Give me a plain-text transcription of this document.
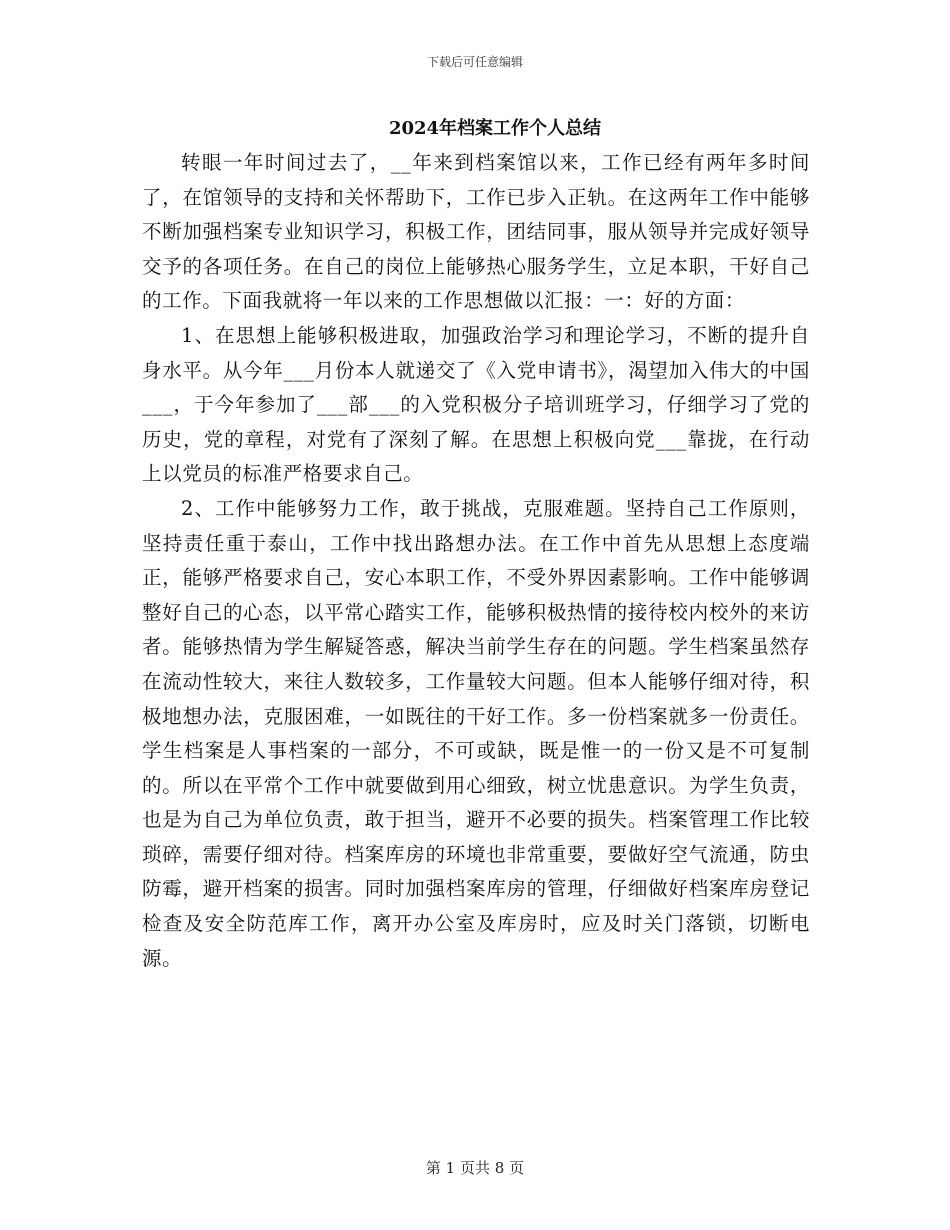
下载后可任意编辑
2024年档案工作个人总结

转眼一年时间过去了，__年来到档案馆以来，工作已经有两年多时间了，在馆领导的支持和关怀帮助下，工作已步入正轨。在这两年工作中能够不断加强档案专业知识学习，积极工作，团结同事，服从领导并完成好领导交予的各项任务。在自己的岗位上能够热心服务学生，立足本职，干好自己的工作。下面我就将一年以来的工作思想做以汇报：一：好的方面：

1、在思想上能够积极进取，加强政治学习和理论学习，不断的提升自身水平。从今年___月份本人就递交了《入党申请书》，渴望加入伟大的中国___，于今年参加了___部___的入党积极分子培训班学习，仔细学习了党的历史，党的章程，对党有了深刻了解。在思想上积极向党___靠拢，在行动上以党员的标准严格要求自己。

2、工作中能够努力工作，敢于挑战，克服难题。坚持自己工作原则，坚持责任重于泰山，工作中找出路想办法。在工作中首先从思想上态度端正，能够严格要求自己，安心本职工作，不受外界因素影响。工作中能够调整好自己的心态，以平常心踏实工作，能够积极热情的接待校内校外的来访者。能够热情为学生解疑答惑，解决当前学生存在的问题。学生档案虽然存在流动性较大，来往人数较多，工作量较大问题。但本人能够仔细对待，积极地想办法，克服困难，一如既往的干好工作。多一份档案就多一份责任。学生档案是人事档案的一部分，不可或缺，既是惟一的一份又是不可复制的。所以在平常个工作中就要做到用心细致，树立忧患意识。为学生负责，也是为自己为单位负责，敢于担当，避开不必要的损失。档案管理工作比较琐碎，需要仔细对待。档案库房的环境也非常重要，要做好空气流通，防虫防霉，避开档案的损害。同时加强档案库房的管理，仔细做好档案库房登记检查及安全防范库工作，离开办公室及库房时，应及时关门落锁，切断电源。

第 1 页共 8 页
